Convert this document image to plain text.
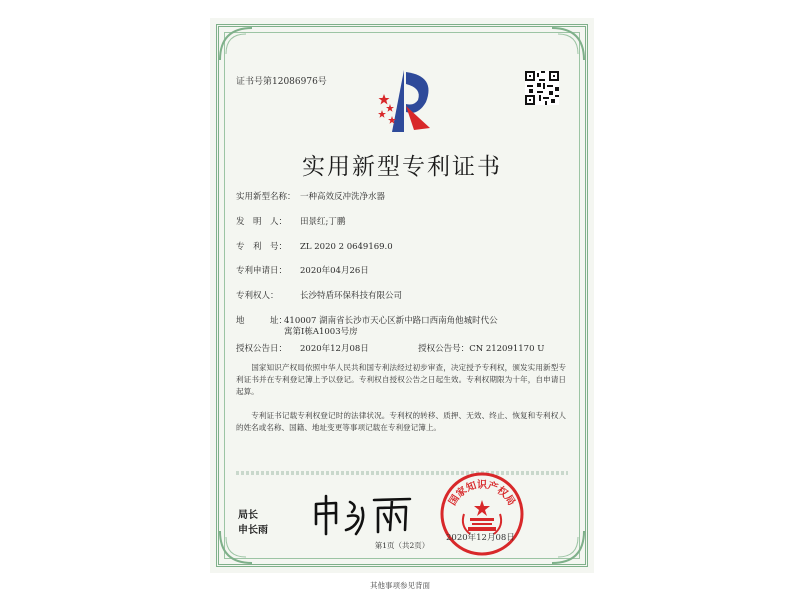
证书号第12086976号
实用新型专利证书
实用新型名称： 一种高效反冲洗净水器
发　明　人： 田景红;丁鹏
专　利　号： ZL 2020 2 0649169.0
专利申请日： 2020年04月26日
专利权人：	长沙特盾环保科技有限公司
地　　　址：410007 湖南省长沙市天心区新中路口西南角他城时代公
寓第I栋A1003号房
授权公告日： 2020年12月08日	授权公告号：CN 212091170 U
国家知识产权局依照中华人民共和国专利法经过初步审查，决定授予专利权，颁发实用新型专利证书并在专利登记簿上予以登记。专利权自授权公告之日起生效。专利权期限为十年，自申请日起算。
专利证书记载专利权登记时的法律状况。专利权的转移、质押、无效、终止、恢复和专利权人的姓名或名称、国籍、地址变更等事项记载在专利登记簿上。
局长
申长雨
国家知识产权局
第1页（共2页）
2020年12月08日
其他事项参见背面
